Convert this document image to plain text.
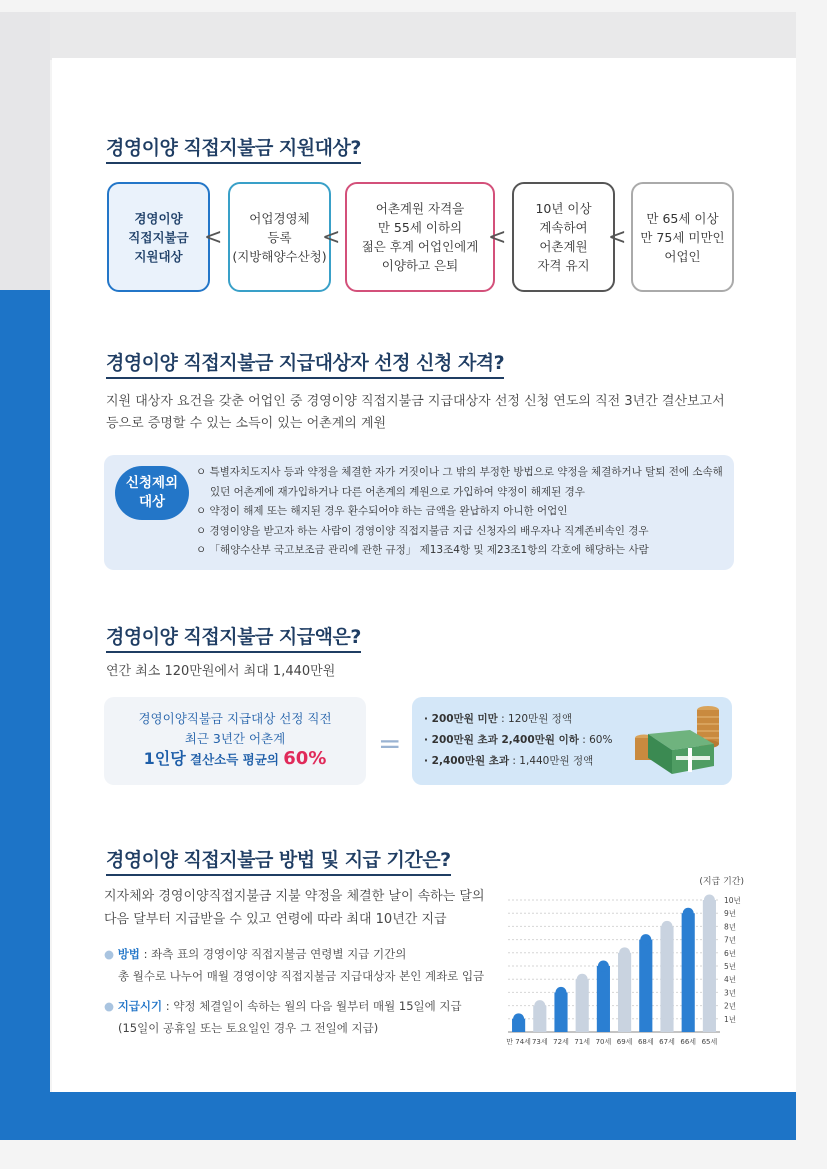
경영이양 직접지불금 지원대상?
경영이양
직접지불금
지원대상
<
어업경영체
등록
(지방해양수산청)
<
어촌계원 자격을
만 55세 이하의
젊은 후계 어업인에게
이양하고 은퇴
<
10년 이상
계속하여
어촌계원
자격 유지
<
만 65세 이상
만 75세 미만인
어업인
경영이양 직접지불금 지급대상자 선정 신청 자격?
지원 대상자 요건을 갖춘 어업인 중 경영이양 직접지불금 지급대상자 선정 신청 연도의 직전 3년간 결산보고서
등으로 증명할 수 있는 소득이 있는 어촌계의 계원
신청제외
대상
ㅇ 특별자치도지사 등과 약정을 체결한 자가 거짓이나 그 밖의 부정한 방법으로 약정을 체결하거나 탈퇴 전에 소속해
있던 어촌계에 재가입하거나 다른 어촌계의 계원으로 가입하여 약정이 해제된 경우
ㅇ 약정이 해제 또는 해지된 경우 환수되어야 하는 금액을 완납하지 아니한 어업인
ㅇ 경영이양을 받고자 하는 사람이 경영이양 직접지불금 지급 신청자의 배우자나 직계존비속인 경우
ㅇ 「해양수산부 국고보조금 관리에 관한 규정」 제13조4항 및 제23조1항의 각호에 해당하는 사람
경영이양 직접지불금 지급액은?
연간 최소 120만원에서 최대 1,440만원
경영이양직불금 지급대상 선정 직전
최근 3년간 어촌계
1인당 결산소득 평균의 60%	=
· 200만원 미만 : 120만원 정액
· 200만원 초과 2,400만원 이하 : 60%
· 2,400만원 초과 : 1,440만원 정액
경영이양 직접지불금 방법 및 지급 기간은?
지자체와 경영이양직접지불금 지불 약정을 체결한 날이 속하는 달의
다음 달부터 지급받을 수 있고 연령에 따라 최대 10년간 지급
● 방법 : 좌측 표의 경영이양 직접지불금 연령별 지급 기간의
총 월수로 나누어 매월 경영이양 직접지불금 지급대상자 본인 계좌로 입금
● 지급시기 : 약정 체결일이 속하는 월의 다음 월부터 매월 15일에 지급
(15일이 공휴일 또는 토요일인 경우 그 전일에 지급)
(지급 기간)
1년
2년
3년
4년
5년
6년
7년
8년
9년
10년
만 74세 73세 72세 71세 70세 69세 68세 67세 66세 65세
